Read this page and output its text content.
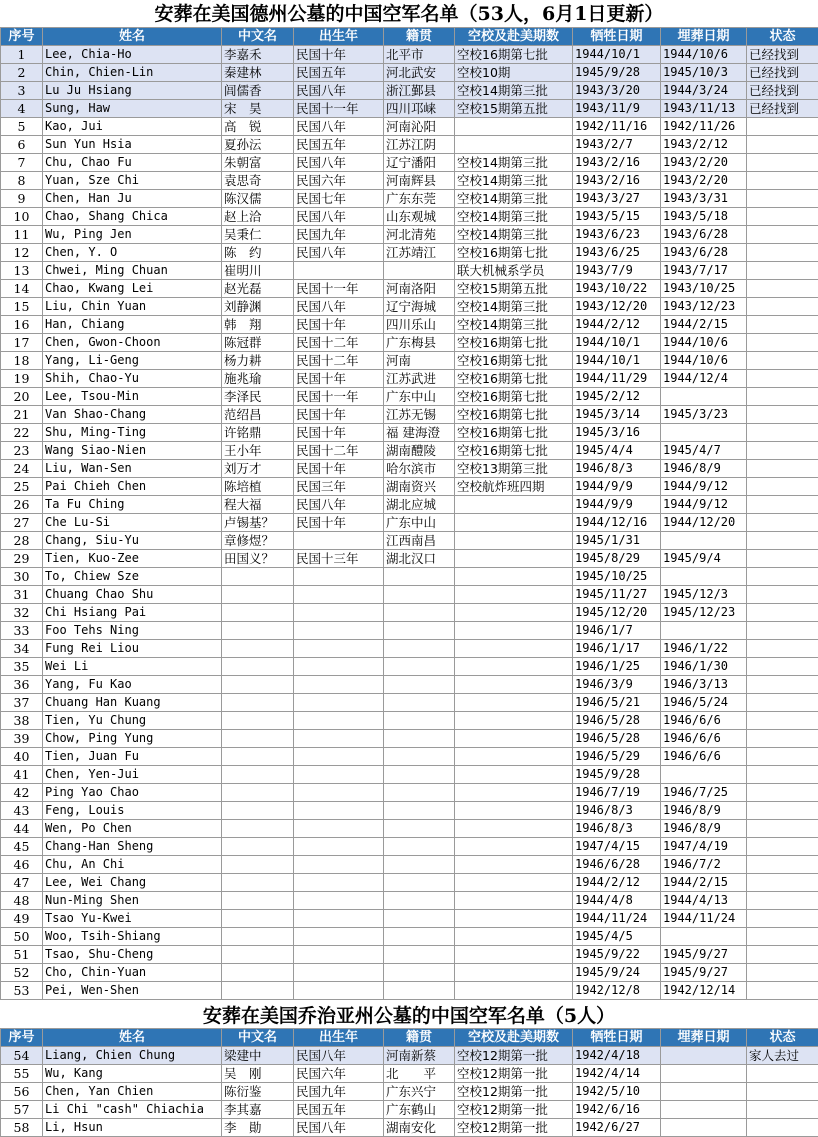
安葬在美国德州公墓的中国空军名单（53人，6月1日更新）
序号	姓名	中文名	出生年	籍贯	空校及赴美期数	牺牲日期	埋葬日期	状态
1	Lee, Chia-Ho	李嘉禾	民国十年	北平市	空校16期第七批	1944/10/1	1944/10/6	已经找到
2	Chin, Chien-Lin	秦建林	民国五年	河北武安	空校10期	1945/9/28	1945/10/3	已经找到
3	Lu Ju Hsiang	闾儒香	民国八年	浙江鄞县	空校14期第三批	1943/3/20	1944/3/24	已经找到
4	Sung, Haw	宋　昊	民国十一年	四川邛崃	空校15期第五批	1943/11/9	1943/11/13	已经找到
5	Kao, Jui	高　锐	民国八年	河南沁阳		1942/11/16	1942/11/26	
6	Sun Yun Hsia	夏孙沄	民国五年	江苏江阴		1943/2/7	1943/2/12	
7	Chu, Chao Fu	朱朝富	民国八年	辽宁潘阳	空校14期第三批	1943/2/16	1943/2/20	
8	Yuan, Sze Chi	袁思奇	民国六年	河南辉县	空校14期第三批	1943/2/16	1943/2/20	
9	Chen, Han Ju	陈汉儒	民国七年	广东东莞	空校14期第三批	1943/3/27	1943/3/31	
10	Chao, Shang Chica	赵上洽	民国八年	山东观城	空校14期第三批	1943/5/15	1943/5/18	
11	Wu, Ping Jen	吴秉仁	民国九年	河北清苑	空校14期第三批	1943/6/23	1943/6/28	
12	Chen, Y. O	陈　约	民国八年	江苏靖江	空校16期第七批	1943/6/25	1943/6/28	
13	Chwei, Ming Chuan	崔明川			联大机械系学员	1943/7/9	1943/7/17	
14	Chao, Kwang Lei	赵光磊	民国十一年	河南洛阳	空校15期第五批	1943/10/22	1943/10/25	
15	Liu, Chin Yuan	刘静渊	民国八年	辽宁海城	空校14期第三批	1943/12/20	1943/12/23	
16	Han, Chiang	韩　翔	民国十年	四川乐山	空校14期第三批	1944/2/12	1944/2/15	
17	Chen, Gwon-Choon	陈冠群	民国十二年	广东梅县	空校16期第七批	1944/10/1	1944/10/6	
18	Yang, Li-Geng	杨力耕	民国十二年	河南	空校16期第七批	1944/10/1	1944/10/6	
19	Shih, Chao-Yu	施兆瑜	民国十年	江苏武进	空校16期第七批	1944/11/29	1944/12/4	
20	Lee, Tsou-Min	李泽民	民国十一年	广东中山	空校16期第七批	1945/2/12		
21	Van Shao-Chang	范绍昌	民国十年	江苏无锡	空校16期第七批	1945/3/14	1945/3/23	
22	Shu, Ming-Ting	许铭鼎	民国十年	福 建海澄	空校16期第七批	1945/3/16		
23	Wang Siao-Nien	王小年	民国十二年	湖南醴陵	空校16期第七批	1945/4/4	1945/4/7	
24	Liu, Wan-Sen	刘万才	民国十年	哈尔滨市	空校13期第三批	1946/8/3	1946/8/9	
25	Pai Chieh Chen	陈培植	民国三年	湖南资兴	空校航炸班四期	1944/9/9	1944/9/12	
26	Ta Fu Ching	程大福	民国八年	湖北应城		1944/9/9	1944/9/12	
27	Che Lu-Si	卢锡基？	民国十年	广东中山		1944/12/16	1944/12/20	
28	Chang, Siu-Yu	章修煜？		江西南昌		1945/1/31		
29	Tien, Kuo-Zee	田国义？	民国十三年	湖北汉口		1945/8/29	1945/9/4	
30	To, Chiew Sze					1945/10/25		
31	Chuang Chao Shu					1945/11/27	1945/12/3	
32	Chi Hsiang Pai					1945/12/20	1945/12/23	
33	Foo Tehs Ning					1946/1/7		
34	Fung Rei Liou					1946/1/17	1946/1/22	
35	Wei Li					1946/1/25	1946/1/30	
36	Yang, Fu Kao					1946/3/9	1946/3/13	
37	Chuang Han Kuang					1946/5/21	1946/5/24	
38	Tien, Yu Chung					1946/5/28	1946/6/6	
39	Chow, Ping Yung					1946/5/28	1946/6/6	
40	Tien, Juan Fu					1946/5/29	1946/6/6	
41	Chen, Yen-Jui					1945/9/28		
42	Ping Yao Chao					1946/7/19	1946/7/25	
43	Feng, Louis					1946/8/3	1946/8/9	
44	Wen, Po Chen					1946/8/3	1946/8/9	
45	Chang-Han Sheng					1947/4/15	1947/4/19	
46	Chu, An Chi					1946/6/28	1946/7/2	
47	Lee, Wei Chang					1944/2/12	1944/2/15	
48	Nun-Ming Shen					1944/4/8	1944/4/13	
49	Tsao Yu-Kwei					1944/11/24	1944/11/24	
50	Woo, Tsih-Shiang					1945/4/5		
51	Tsao, Shu-Cheng					1945/9/22	1945/9/27	
52	Cho, Chin-Yuan					1945/9/24	1945/9/27	
53	Pei, Wen-Shen					1942/12/8	1942/12/14	
安葬在美国乔治亚州公墓的中国空军名单（5人）
序号	姓名	中文名	出生年	籍贯	空校及赴美期数	牺牲日期	埋葬日期	状态
54	Liang, Chien Chung	梁建中	民国八年	河南新蔡	空校12期第一批	1942/4/18		家人去过
55	Wu, Kang	吴　刚	民国六年	北　　平	空校12期第一批	1942/4/14		
56	Chen, Yan Chien	陈衍鉴	民国九年	广东兴宁	空校12期第一批	1942/5/10		
57	Li Chi "cash" Chiachia	李其嘉	民国五年	广东鹤山	空校12期第一批	1942/6/16		
58	Li, Hsun	李　勛	民国八年	湖南安化	空校12期第一批	1942/6/27		
